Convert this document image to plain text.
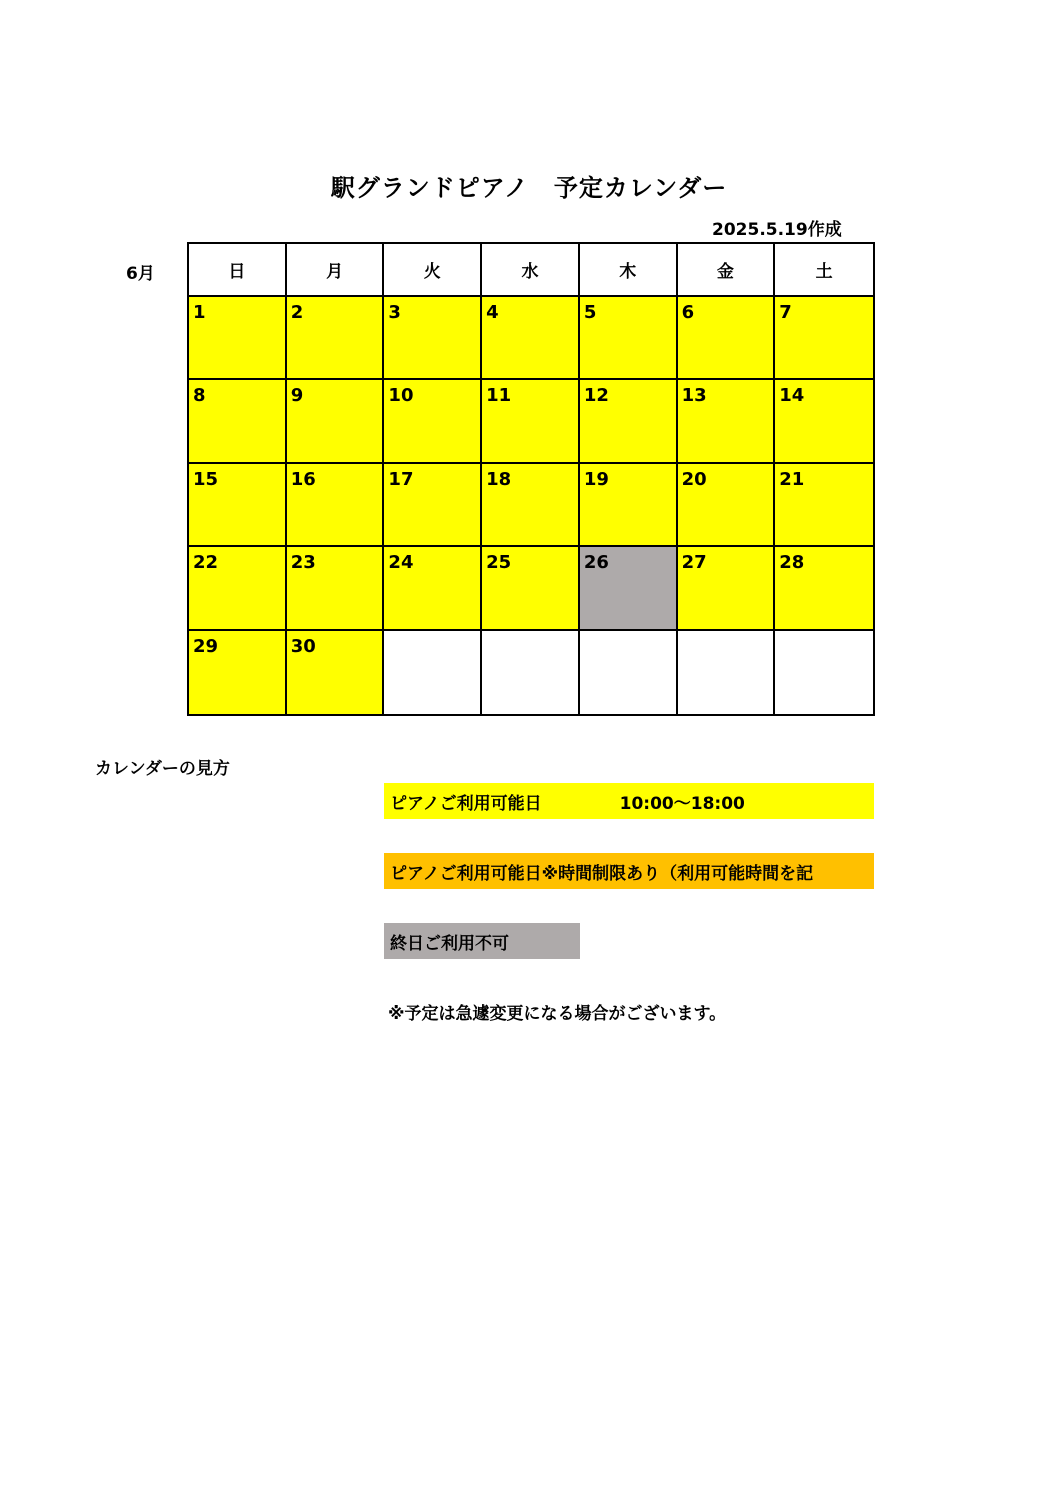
駅グランドピアノ　予定カレンダー
2025.5.19作成
6月	日	月	火	水	木	金	土
1	2	3	4	5	6	7
8	9	10	11	12	13	14
15	16	17	18	19	20	21
22	23	24	25	26	27	28
29	30
カレンダーの見方
ピアノご利用可能日	10:00〜18:00
ピアノご利用可能日※時間制限あり（利用可能時間を記
終日ご利用不可
※予定は急遽変更になる場合がございます。
